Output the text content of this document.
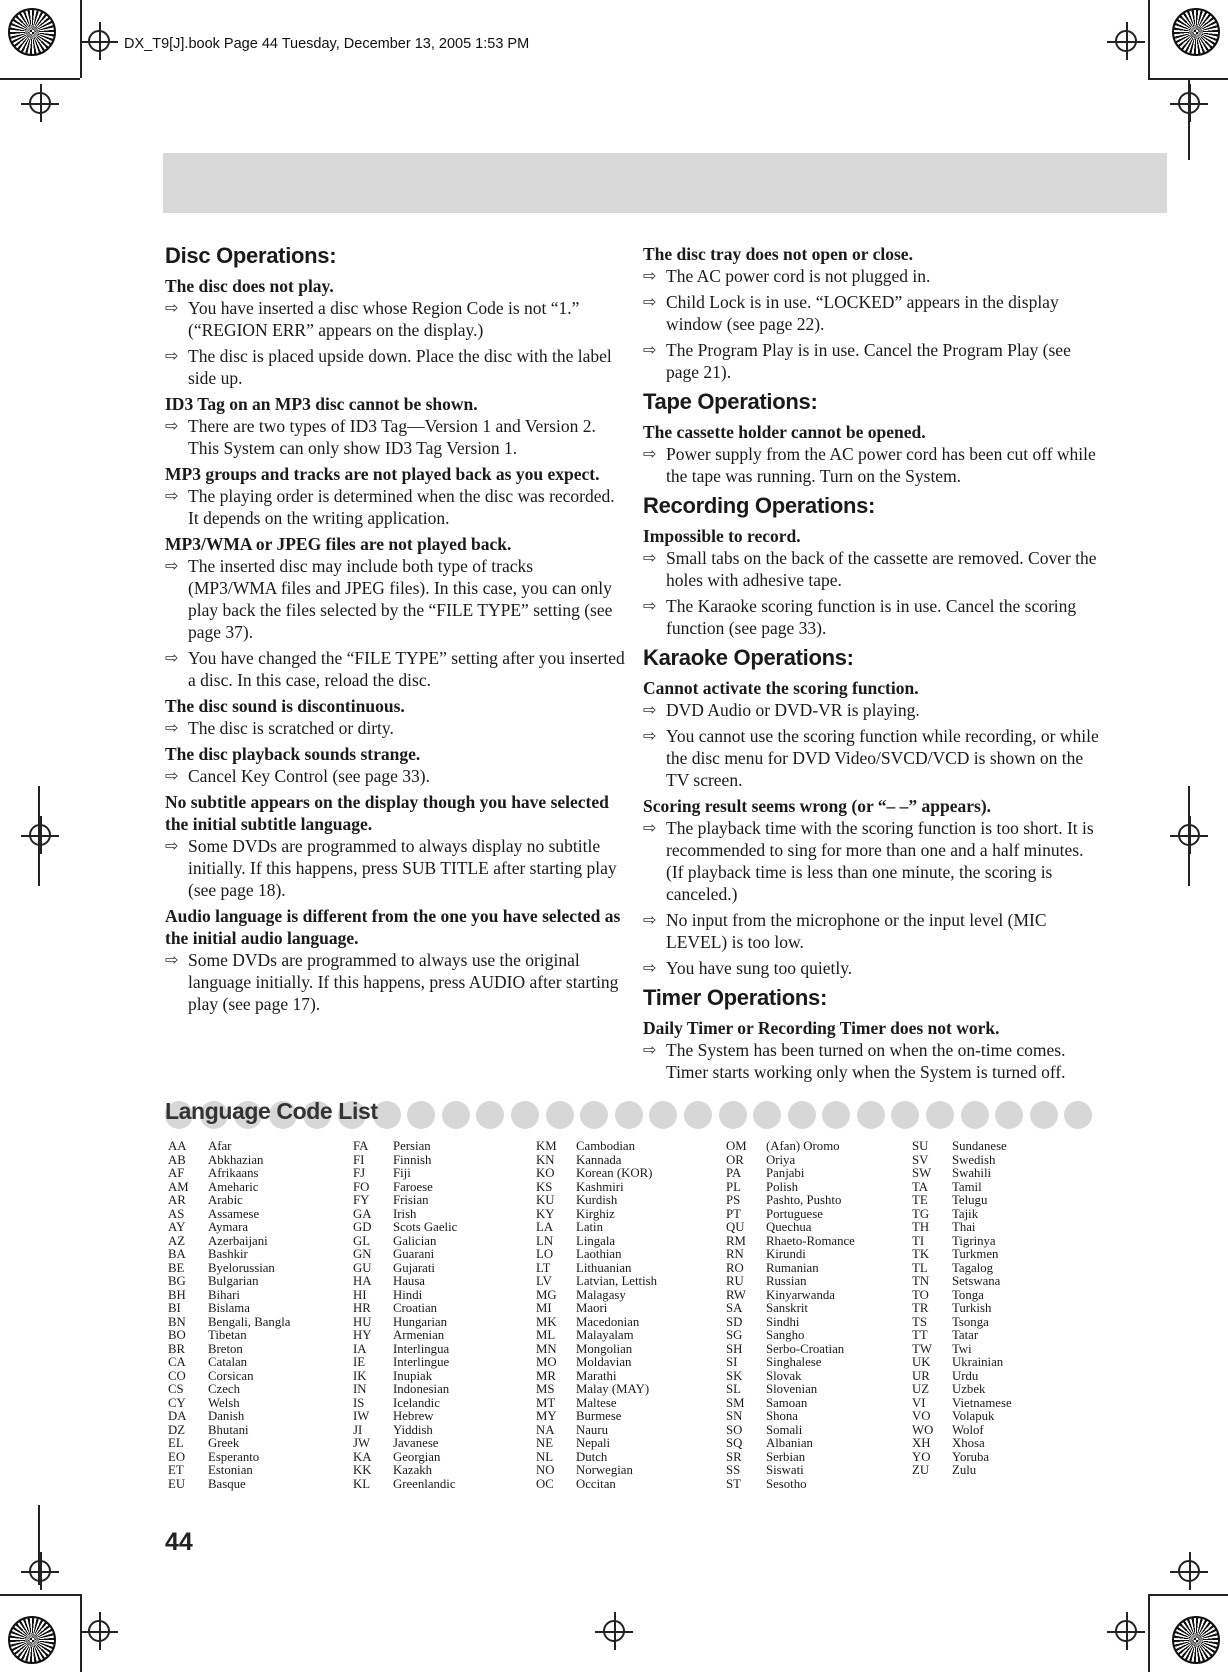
DX_T9[J].book Page 44 Tuesday, December 13, 2005 1:53 PM
Disc Operations:

The disc does not play.

⇨ You have inserted a disc whose Region Code is not “1.” (“REGION ERR” appears on the display.)

⇨ The disc is placed upside down. Place the disc with the label side up.

ID3 Tag on an MP3 disc cannot be shown.

⇨ There are two types of ID3 Tag—Version 1 and Version 2. This System can only show ID3 Tag Version 1.

MP3 groups and tracks are not played back as you expect.

⇨ The playing order is determined when the disc was recorded. It depends on the writing application.

MP3/WMA or JPEG files are not played back.

⇨ The inserted disc may include both type of tracks (MP3/WMA files and JPEG files). In this case, you can only play back the files selected by the “FILE TYPE” setting (see page 37).

⇨ You have changed the “FILE TYPE” setting after you inserted a disc. In this case, reload the disc.

The disc sound is discontinuous.

⇨ The disc is scratched or dirty.

The disc playback sounds strange.

⇨ Cancel Key Control (see page 33).

No subtitle appears on the display though you have selected the initial subtitle language.

⇨ Some DVDs are programmed to always display no subtitle initially. If this happens, press SUB TITLE after starting play (see page 18).

Audio language is different from the one you have selected as the initial audio language.

⇨ Some DVDs are programmed to always use the original language initially. If this happens, press AUDIO after starting play (see page 17).

The disc tray does not open or close.

⇨ The AC power cord is not plugged in.

⇨ Child Lock is in use. “LOCKED” appears in the display window (see page 22).

⇨ The Program Play is in use. Cancel the Program Play (see page 21).

Tape Operations:

The cassette holder cannot be opened.

⇨ Power supply from the AC power cord has been cut off while the tape was running. Turn on the System.

Recording Operations:

Impossible to record.

⇨ Small tabs on the back of the cassette are removed. Cover the holes with adhesive tape.

⇨ The Karaoke scoring function is in use. Cancel the scoring function (see page 33).

Karaoke Operations:

Cannot activate the scoring function.

⇨ DVD Audio or DVD-VR is playing.

⇨ You cannot use the scoring function while recording, or while the disc menu for DVD Video/SVCD/VCD is shown on the TV screen.

Scoring result seems wrong (or “– –” appears).

⇨ The playback time with the scoring function is too short. It is recommended to sing for more than one and a half minutes. (If playback time is less than one minute, the scoring is canceled.)

⇨ No input from the microphone or the input level (MIC LEVEL) is too low.

⇨ You have sung too quietly.

Timer Operations:

Daily Timer or Recording Timer does not work.

⇨ The System has been turned on when the on-time comes. Timer starts working only when the System is turned off.

Language Code List
AA	Afar
AB	Abkhazian
AF	Afrikaans
AM	Ameharic
AR	Arabic
AS	Assamese
AY	Aymara
AZ	Azerbaijani
BA	Bashkir
BE	Byelorussian
BG	Bulgarian
BH	Bihari
BI	Bislama
BN	Bengali, Bangla
BO	Tibetan
BR	Breton
CA	Catalan
CO	Corsican
CS	Czech
CY	Welsh
DA	Danish
DZ	Bhutani
EL	Greek
EO	Esperanto
ET	Estonian
EU	Basque
FA	Persian
FI	Finnish
FJ	Fiji
FO	Faroese
FY	Frisian
GA	Irish
GD	Scots Gaelic
GL	Galician
GN	Guarani
GU	Gujarati
HA	Hausa
HI	Hindi
HR	Croatian
HU	Hungarian
HY	Armenian
IA	Interlingua
IE	Interlingue
IK	Inupiak
IN	Indonesian
IS	Icelandic
IW	Hebrew
JI	Yiddish
JW	Javanese
KA	Georgian
KK	Kazakh
KL	Greenlandic
KM	Cambodian
KN	Kannada
KO	Korean (KOR)
KS	Kashmiri
KU	Kurdish
KY	Kirghiz
LA	Latin
LN	Lingala
LO	Laothian
LT	Lithuanian
LV	Latvian, Lettish
MG	Malagasy
MI	Maori
MK	Macedonian
ML	Malayalam
MN	Mongolian
MO	Moldavian
MR	Marathi
MS	Malay (MAY)
MT	Maltese
MY	Burmese
NA	Nauru
NE	Nepali
NL	Dutch
NO	Norwegian
OC	Occitan
OM	(Afan) Oromo
OR	Oriya
PA	Panjabi
PL	Polish
PS	Pashto, Pushto
PT	Portuguese
QU	Quechua
RM	Rhaeto-Romance
RN	Kirundi
RO	Rumanian
RU	Russian
RW	Kinyarwanda
SA	Sanskrit
SD	Sindhi
SG	Sangho
SH	Serbo-Croatian
SI	Singhalese
SK	Slovak
SL	Slovenian
SM	Samoan
SN	Shona
SO	Somali
SQ	Albanian
SR	Serbian
SS	Siswati
ST	Sesotho
SU	Sundanese
SV	Swedish
SW	Swahili
TA	Tamil
TE	Telugu
TG	Tajik
TH	Thai
TI	Tigrinya
TK	Turkmen
TL	Tagalog
TN	Setswana
TO	Tonga
TR	Turkish
TS	Tsonga
TT	Tatar
TW	Twi
UK	Ukrainian
UR	Urdu
UZ	Uzbek
VI	Vietnamese
VO	Volapuk
WO	Wolof
XH	Xhosa
YO	Yoruba
ZU	Zulu
44
